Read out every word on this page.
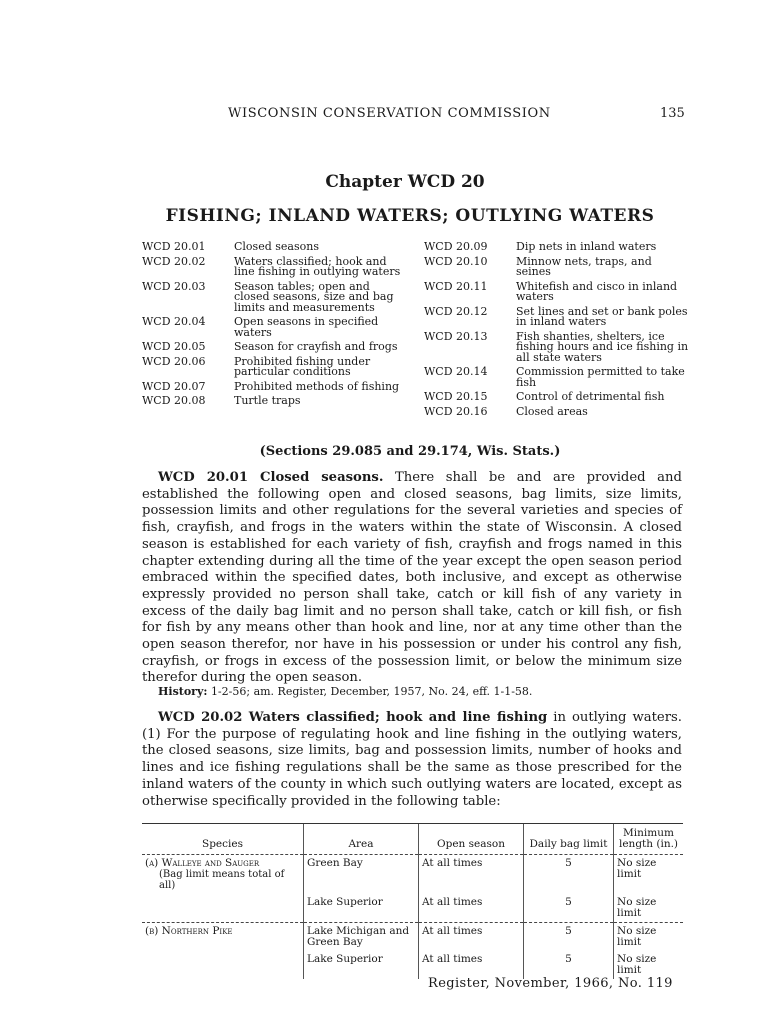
WISCONSIN CONSERVATION COMMISSION	135
Chapter WCD 20
FISHING; INLAND WATERS; OUTLYING WATERS
WCD 20.01	Closed seasons
WCD 20.02	Waters classified; hook and line fishing in outlying waters
WCD 20.03	Season tables; open and closed seasons, size and bag limits and measurements
WCD 20.04	Open seasons in specified waters
WCD 20.05	Season for crayfish and frogs
WCD 20.06	Prohibited fishing under particular conditions
WCD 20.07	Prohibited methods of fishing
WCD 20.08	Turtle traps
WCD 20.09	Dip nets in inland waters
WCD 20.10	Minnow nets, traps, and seines
WCD 20.11	Whitefish and cisco in inland waters
WCD 20.12	Set lines and set or bank poles in inland waters
WCD 20.13	Fish shanties, shelters, ice fishing hours and ice fishing in all state waters
WCD 20.14	Commission permitted to take fish
WCD 20.15	Control of detrimental fish
WCD 20.16	Closed areas
(Sections 29.085 and 29.174, Wis. Stats.)

WCD 20.01 Closed seasons. There shall be and are provided and established the following open and closed seasons, bag limits, size limits, possession limits and other regulations for the several varieties and species of fish, crayfish, and frogs in the waters within the state of Wisconsin. A closed season is established for each variety of fish, crayfish and frogs named in this chapter extending during all the time of the year except the open season period embraced within the specified dates, both inclusive, and except as otherwise expressly provided no person shall take, catch or kill fish of any variety in excess of the daily bag limit and no person shall take, catch or kill fish, or fish for fish by any means other than hook and line, nor at any time other than the open season therefor, nor have in his possession or under his control any fish, crayfish, or frogs in excess of the possession limit, or below the minimum size therefor during the open season.

History: 1-2-56; am. Register, December, 1957, No. 24, eff. 1-1-58.

WCD 20.02 Waters classified; hook and line fishing in outlying waters. (1) For the purpose of regulating hook and line fishing in the outlying waters, the closed seasons, size limits, bag and possession limits, number of hooks and lines and ice fishing regulations shall be the same as those prescribed for the inland waters of the county in which such outlying waters are located, except as otherwise specifically provided in the following table:

Species	Area	Open season	Daily bag limit	Minimum length (in.)
(a) Walleye and Sauger
(Bag limit means total of all)	Green Bay	At all times	5	No size limit
	Lake Superior	At all times	5	No size limit
(b) Northern Pike	Lake Michigan and Green Bay	At all times	5	No size limit
	Lake Superior	At all times	5	No size limit
Register, November, 1966, No. 119
